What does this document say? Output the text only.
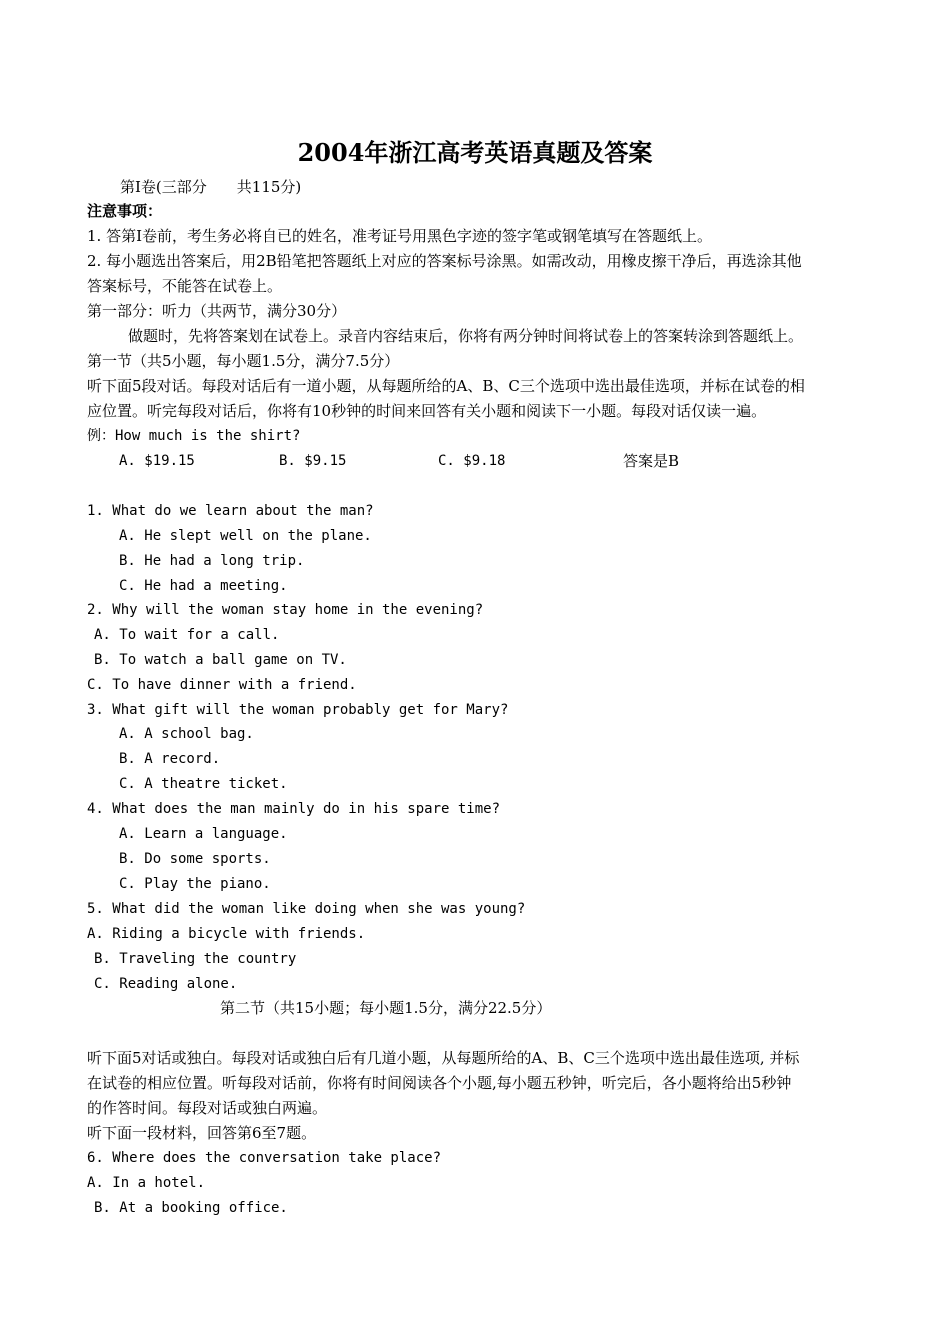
2004年浙江高考英语真题及答案
第Ⅰ卷(三部分　　共115分)
注意事项：
1. 答第Ⅰ卷前，考生务必将自已的姓名，准考证号用黑色字迹的签字笔或钢笔填写在答题纸上。
2. 每小题选出答案后，用2B铅笔把答题纸上对应的答案标号涂黑。如需改动，用橡皮擦干净后，再选涂其他
答案标号，不能答在试卷上。
第一部分：听力（共两节，满分30分）
做题时，先将答案划在试卷上。录音内容结束后，你将有两分钟时间将试卷上的答案转涂到答题纸上。
第一节（共5小题，每小题1.5分，满分7.5分）
听下面5段对话。每段对话后有一道小题，从每题所给的A、B、C三个选项中选出最佳选项，并标在试卷的相
应位置。听完每段对话后，你将有10秒钟的时间来回答有关小题和阅读下一小题。每段对话仅读一遍。
例：How much is the shirt?
A. $19.15	B. $9.15	C. $9.18	答案是B
1. What do we learn about the man?
A. He slept well on the plane.
B. He had a long trip.
C. He had a meeting.
2. Why will the woman stay home in the evening?
A. To wait for a call.
B. To watch a ball game on TV.
C. To have dinner with a friend.
3. What gift will the woman probably get for Mary?
A. A school bag.
B. A record.
C. A theatre ticket.
4. What does the man mainly do in his spare time?
A. Learn a language.
B. Do some sports.
C. Play the piano.
5. What did the woman like doing when she was young?
A. Riding a bicycle with friends.
B. Traveling the country
C. Reading alone.
第二节（共15小题；每小题1.5分，满分22.5分）
听下面5对话或独白。每段对话或独白后有几道小题，从每题所给的A、B、C三个选项中选出最佳选项, 并标
在试卷的相应位置。听每段对话前，你将有时间阅读各个小题,每小题五秒钟，听完后，各小题将给出5秒钟
的作答时间。每段对话或独白两遍。
听下面一段材料，回答第6至7题。
6. Where does the conversation take place?
A. In a hotel.
B. At a booking office.
